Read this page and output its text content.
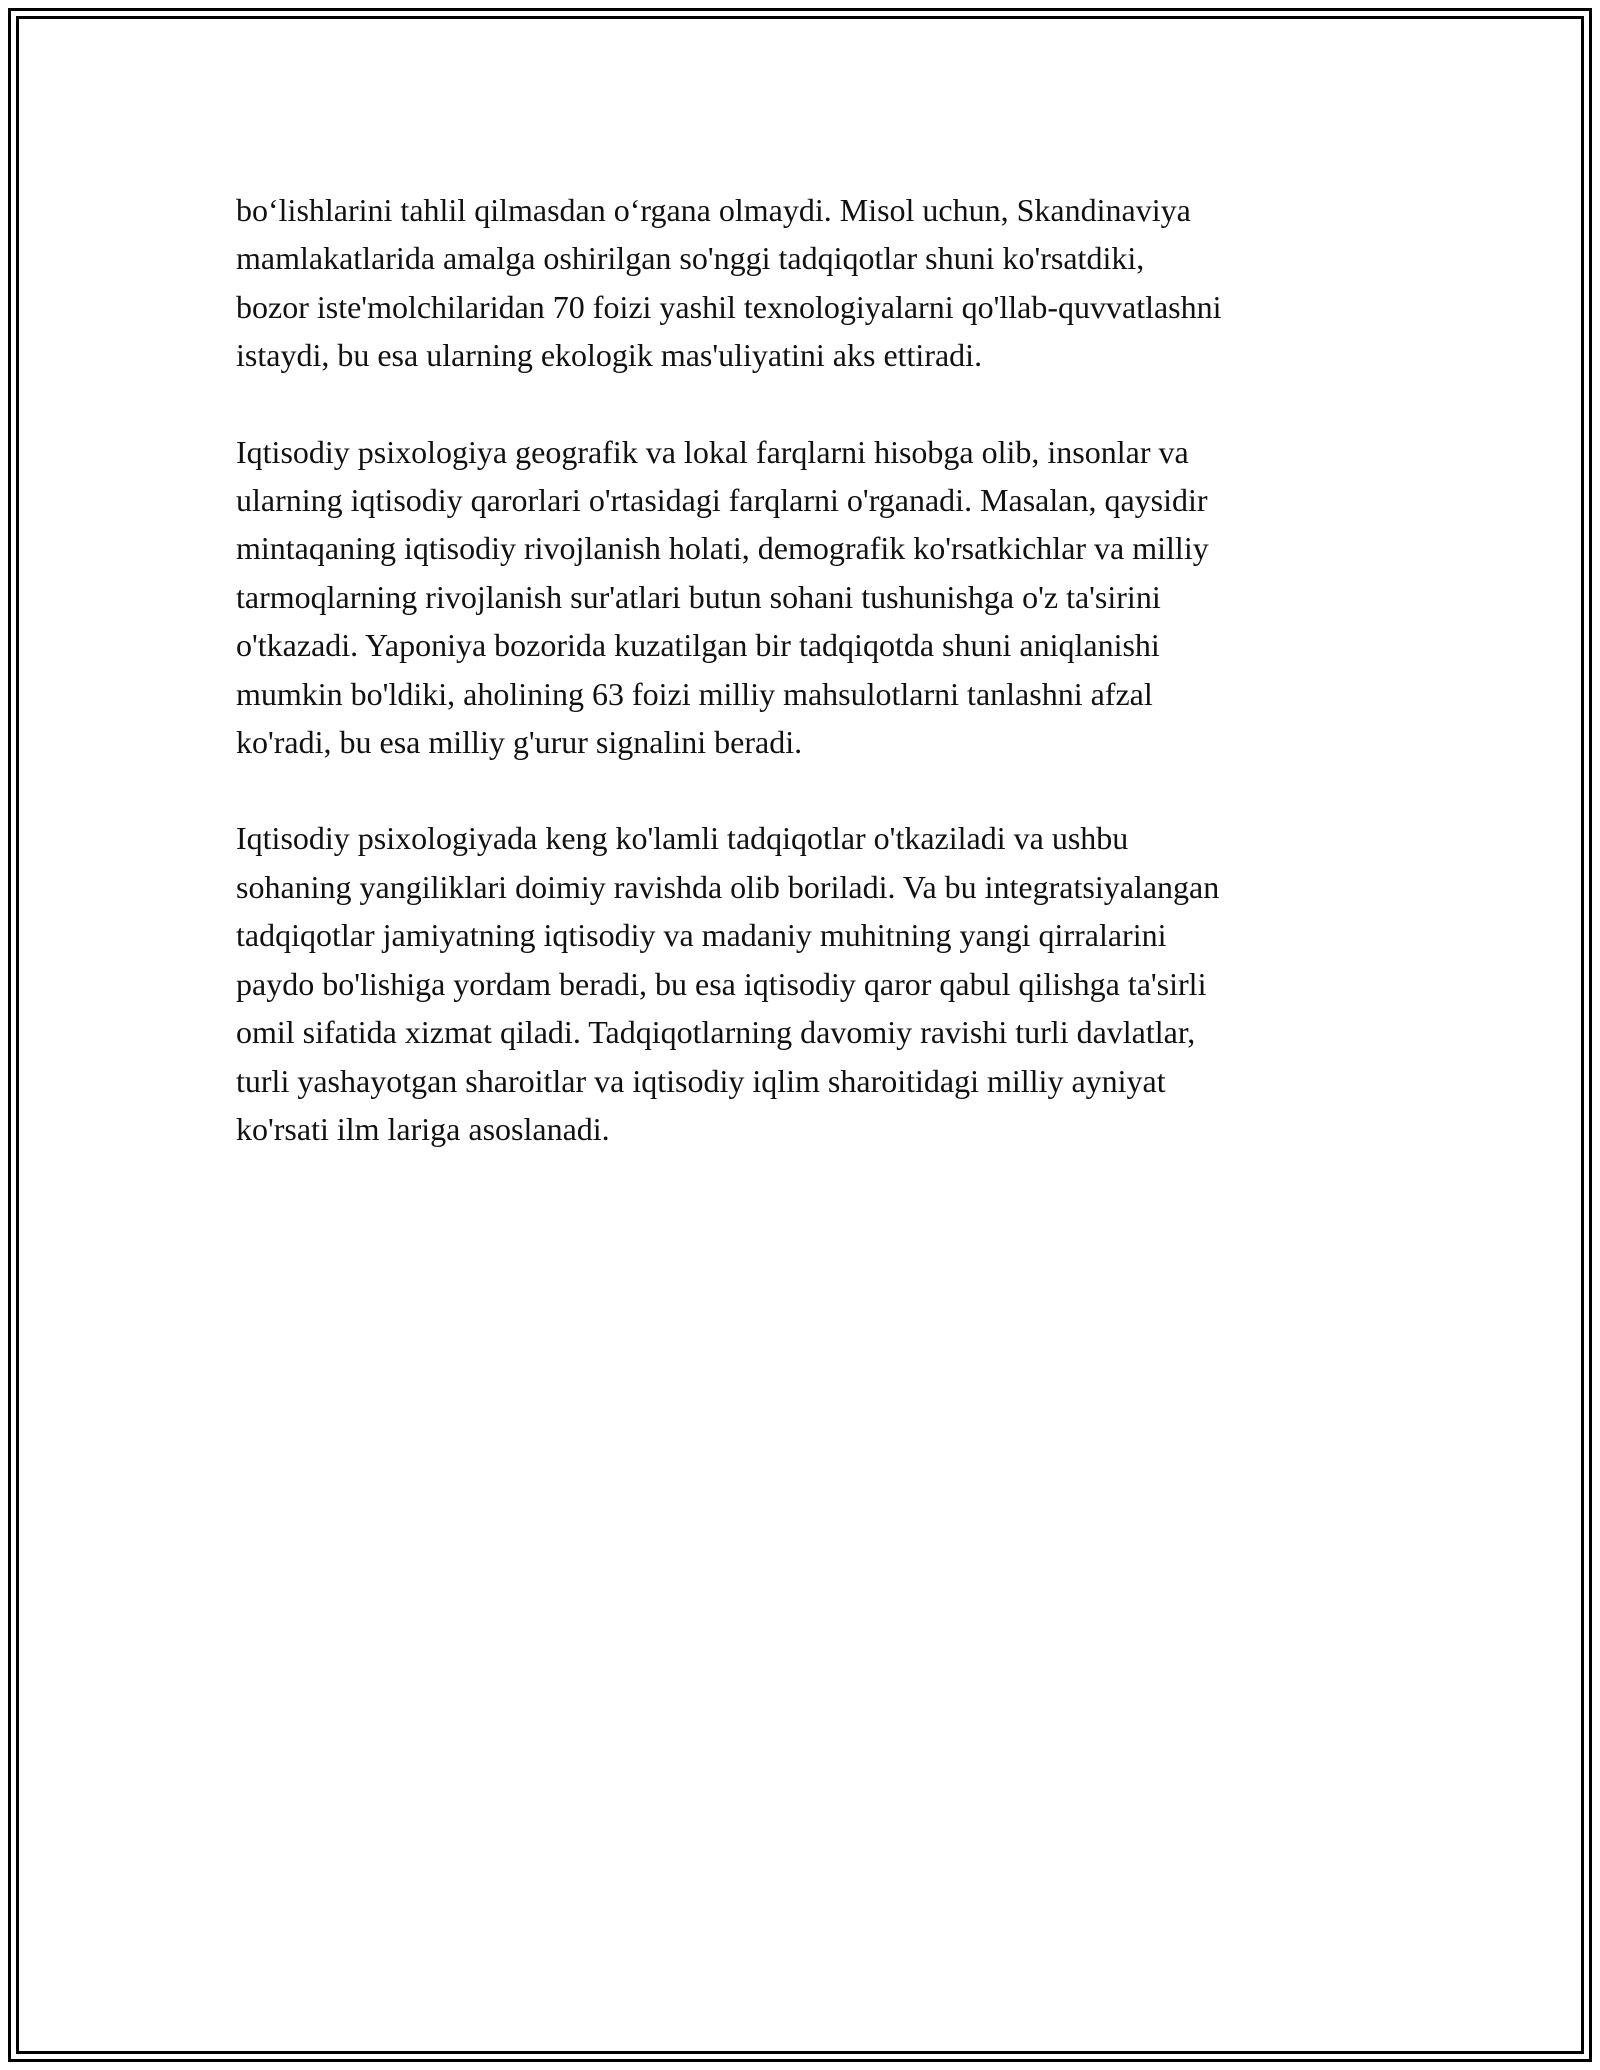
bo‘lishlarini tahlil qilmasdan o‘rgana olmaydi. Misol uchun, Skandinaviya
mamlakatlarida amalga oshirilgan so'nggi tadqiqotlar shuni ko'rsatdiki,
bozor iste'molchilaridan 70 foizi yashil texnologiyalarni qo'llab-quvvatlashni
istaydi, bu esa ularning ekologik mas'uliyatini aks ettiradi.

Iqtisodiy psixologiya geografik va lokal farqlarni hisobga olib, insonlar va
ularning iqtisodiy qarorlari o'rtasidagi farqlarni o'rganadi. Masalan, qaysidir
mintaqaning iqtisodiy rivojlanish holati, demografik ko'rsatkichlar va milliy
tarmoqlarning rivojlanish sur'atlari butun sohani tushunishga o'z ta'sirini
o'tkazadi. Yaponiya bozorida kuzatilgan bir tadqiqotda shuni aniqlanishi
mumkin bo'ldiki, aholining 63 foizi milliy mahsulotlarni tanlashni afzal
ko'radi, bu esa milliy g'urur signalini beradi.

Iqtisodiy psixologiyada keng ko'lamli tadqiqotlar o'tkaziladi va ushbu
sohaning yangiliklari doimiy ravishda olib boriladi. Va bu integratsiyalangan
tadqiqotlar jamiyatning iqtisodiy va madaniy muhitning yangi qirralarini
paydo bo'lishiga yordam beradi, bu esa iqtisodiy qaror qabul qilishga ta'sirli
omil sifatida xizmat qiladi. Tadqiqotlarning davomiy ravishi turli davlatlar,
turli yashayotgan sharoitlar va iqtisodiy iqlim sharoitidagi milliy ayniyat
ko'rsati ilm lariga asoslanadi.
